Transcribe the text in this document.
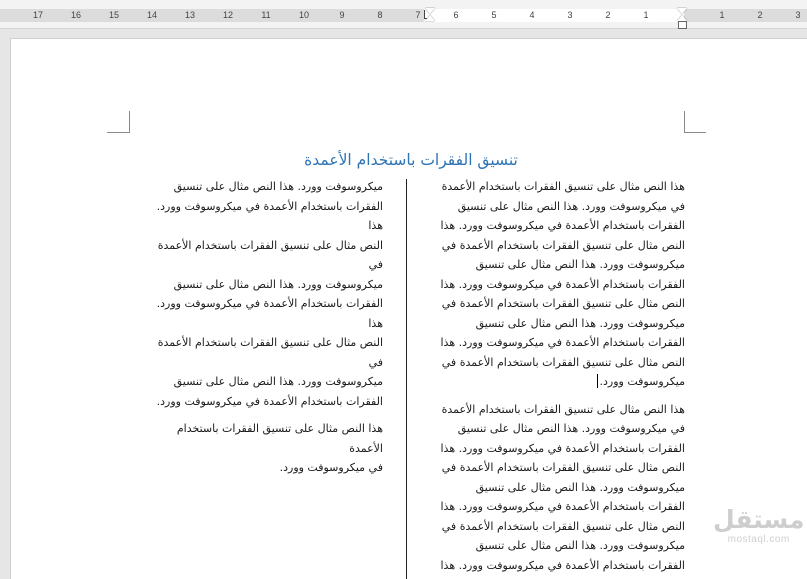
17	16	15	14	13	12	11	10	9	8	7	6	5	4	3	2	1	1	2	3
تنسيق الفقرات باستخدام الأعمدة

هذا النص مثال على تنسيق الفقرات باستخدام الأعمدة
في ميكروسوفت وورد. هذا النص مثال على تنسيق
الفقرات باستخدام الأعمدة في ميكروسوفت وورد. هذا
النص مثال على تنسيق الفقرات باستخدام الأعمدة في
ميكروسوفت وورد. هذا النص مثال على تنسيق
الفقرات باستخدام الأعمدة في ميكروسوفت وورد. هذا
النص مثال على تنسيق الفقرات باستخدام الأعمدة في
ميكروسوفت وورد. هذا النص مثال على تنسيق
الفقرات باستخدام الأعمدة في ميكروسوفت وورد. هذا
النص مثال على تنسيق الفقرات باستخدام الأعمدة في
ميكروسوفت وورد.

هذا النص مثال على تنسيق الفقرات باستخدام الأعمدة
في ميكروسوفت وورد. هذا النص مثال على تنسيق
الفقرات باستخدام الأعمدة في ميكروسوفت وورد. هذا
النص مثال على تنسيق الفقرات باستخدام الأعمدة في
ميكروسوفت وورد. هذا النص مثال على تنسيق
الفقرات باستخدام الأعمدة في ميكروسوفت وورد. هذا
النص مثال على تنسيق الفقرات باستخدام الأعمدة في
ميكروسوفت وورد. هذا النص مثال على تنسيق
الفقرات باستخدام الأعمدة في ميكروسوفت وورد. هذا

ميكروسوفت وورد. هذا النص مثال على تنسيق
الفقرات باستخدام الأعمدة في ميكروسوفت وورد. هذا
النص مثال على تنسيق الفقرات باستخدام الأعمدة في
ميكروسوفت وورد. هذا النص مثال على تنسيق
الفقرات باستخدام الأعمدة في ميكروسوفت وورد. هذا
النص مثال على تنسيق الفقرات باستخدام الأعمدة في
ميكروسوفت وورد. هذا النص مثال على تنسيق
الفقرات باستخدام الأعمدة في ميكروسوفت وورد.

هذا النص مثال على تنسيق الفقرات باستخدام الأعمدة
في ميكروسوفت وورد.

مستقل
mostaql.com
